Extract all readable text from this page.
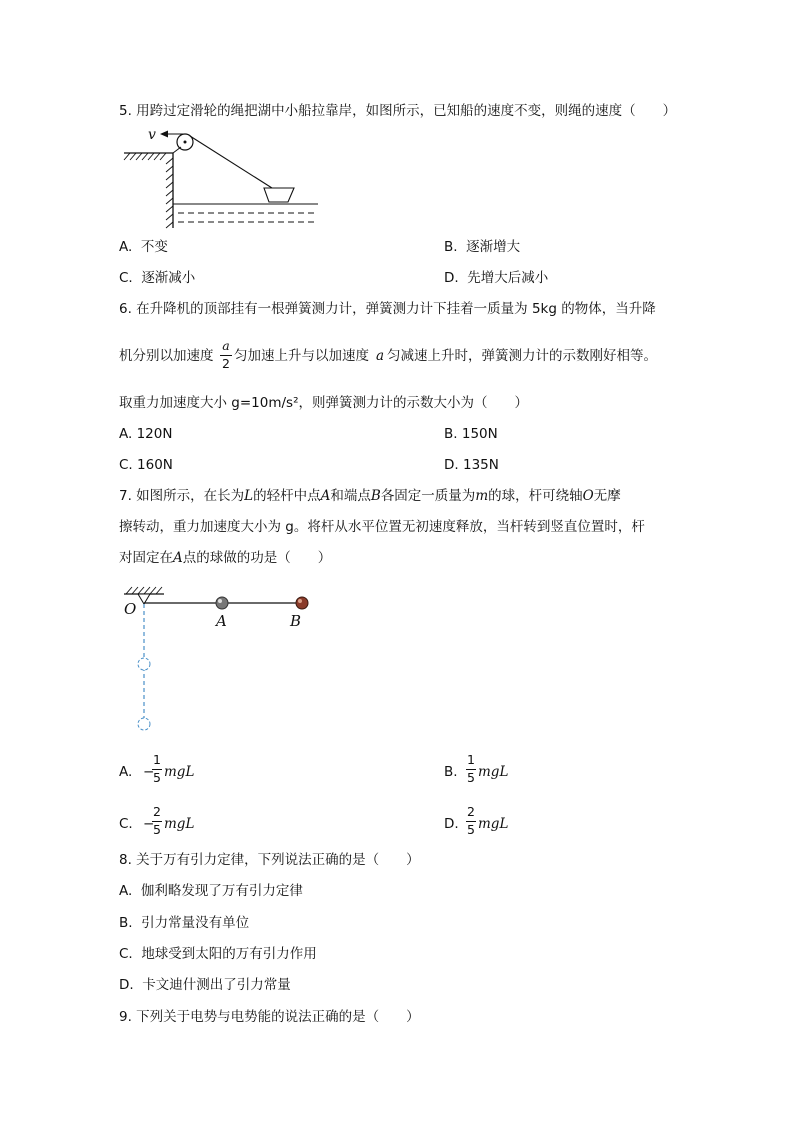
5. 用跨过定滑轮的绳把湖中小船拉靠岸，如图所示，已知船的速度不变，则绳的速度（　　）
v
A. 不变	B. 逐渐增大
C. 逐渐减小	D. 先增大后减小
6. 在升降机的顶部挂有一根弹簧测力计，弹簧测力计下挂着一质量为 5kg 的物体，当升降
机分别以加速度
a
2 匀加速上升与以加速度 a 匀减速上升时，弹簧测力计的示数刚好相等。
取重力加速度大小 g=10m/s²，则弹簧测力计的示数大小为（　　）
A. 120N	B. 150N
C. 160N	D. 135N
7. 如图所示，在长为L的轻杆中点A和端点B各固定一质量为m的球，杆可绕轴O无摩
擦转动，重力加速度大小为 g。将杆从水平位置无初速度释放，当杆转到竖直位置时，杆
对固定在A点的球做的功是（　　）
O
A	B
A. −
1
5 mgL	B.
1
5 mgL
C. −
2
5 mgL	D.
2
5 mgL
8. 关于万有引力定律，下列说法正确的是（　　）
A. 伽利略发现了万有引力定律
B. 引力常量没有单位
C. 地球受到太阳的万有引力作用
D. 卡文迪什测出了引力常量
9. 下列关于电势与电势能的说法正确的是（　　）
